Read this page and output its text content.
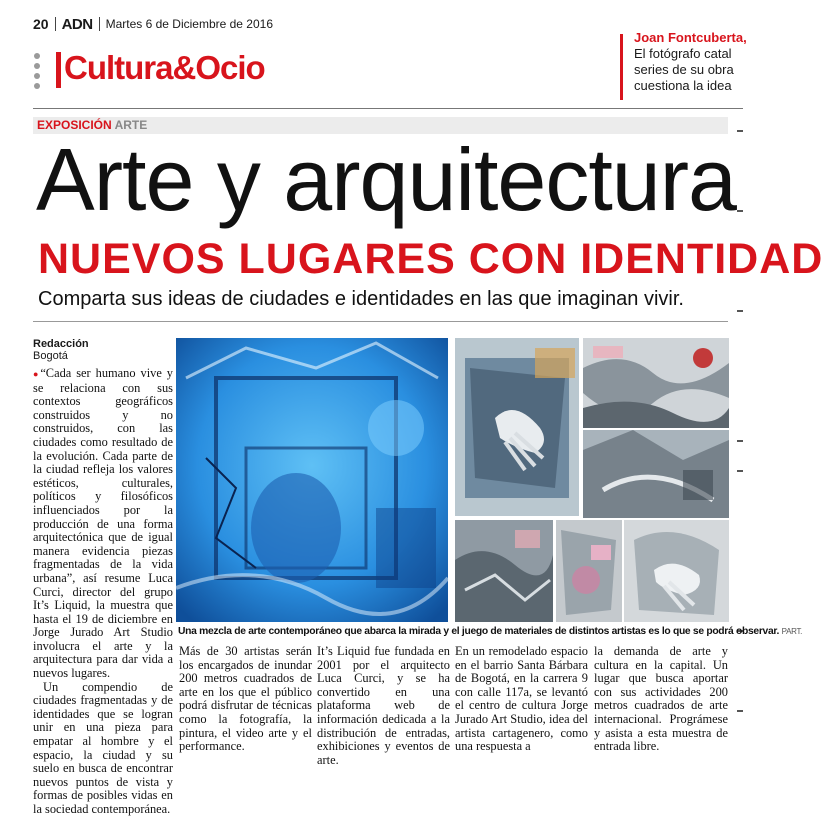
20 ADN Martes 6 de Diciembre de 2016
Cultura&Ocio
Joan Fontcuberta,
El fotógrafo catal
series de su obra
cuestiona la idea
EXPOSICIÓN ARTE
Arte y arquitectura
NUEVOS LUGARES CON IDENTIDAD
Comparta sus ideas de ciudades e identidades en las que imaginan vivir.
Redacción
Bogotá

●“Cada ser humano vive y se relaciona con sus contextos geográficos construidos y no construidos, con las ciudades como resultado de la evolución. Cada parte de la ciudad refleja los valores estéticos, culturales, políticos y filosóficos influenciados por la producción de una forma arquitectónica que de igual manera evidencia piezas fragmentadas de la vida urbana”, así resume Luca Curci, director del grupo It’s Liquid, la muestra que hasta el 19 de diciembre en Jorge Jurado Art Studio involucra el arte y la arquitectura para dar vida a nuevos lugares.

Un compendio de ciudades fragmentadas y de identidades que se logran unir en una pieza para empatar al hombre y el espacio, la ciudad y su suelo en busca de encontrar nuevos puntos de vista y formas de posibles vidas en la sociedad contemporánea.

Una mezcla de arte contemporáneo que abarca la mirada y el juego de materiales de distintos artistas es lo que se podrá observar. PART.
Más de 30 artistas serán los encargados de inundar 200 metros cuadrados de arte en los que el público podrá disfrutar de técnicas como la fotografía, la pintura, el video arte y el performance.
It’s Liquid fue fundada en 2001 por el arquitecto Luca Curci, y se ha convertido en una plataforma web de información dedicada a la distribución de entradas, exhibiciones y eventos de arte.
En un remodelado espacio en el barrio Santa Bárbara de Bogotá, en la carrera 9 con calle 117a, se levantó el centro de cultura Jorge Jurado Art Studio, idea del artista cartagenero, como una respuesta a
la demanda de arte y cultura en la capital. Un lugar que busca aportar con sus actividades 200 metros cuadrados de arte internacional. Prográmese y asista a esta muestra de entrada libre.
